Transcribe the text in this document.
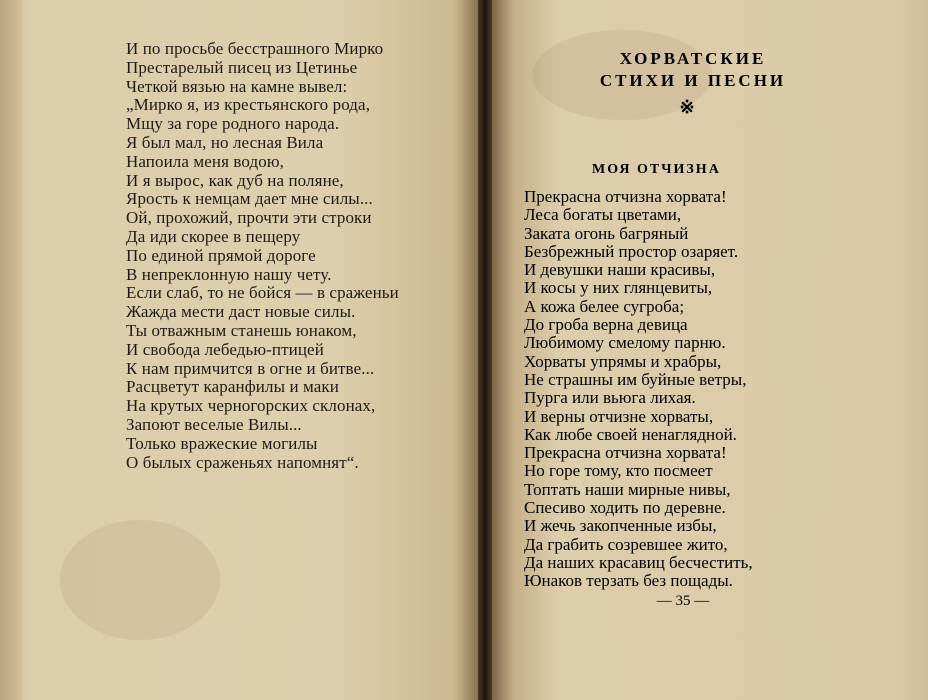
И по просьбе бесстрашного Мирко
Престарелый писец из Цетинье
Четкой вязью на камне вывел:
„Мирко я, из крестьянского рода,
Мщу за горе родного народа.
Я был мал, но лесная Вила
Напоила меня водою,
И я вырос, как дуб на поляне,
Ярость к немцам дает мне силы...
Ой, прохожий, прочти эти строки
Да иди скорее в пещеру
По единой прямой дороге
В непреклонную нашу чету.
Если слаб, то не бойся — в сраженьи
Жажда мести даст новые силы.
Ты отважным станешь юнаком,
И свобода лебедью-птицей
К нам примчится в огне и битве...
Расцветут каранфилы и маки
На крутых черногорских склонах,
Запоют веселые Вилы...
Только вражеские могилы
О былых сраженьях напомнят“.
ХОРВАТСКИЕ
СТИХИ И ПЕСНИ
※
МОЯ ОТЧИЗНА
Прекрасна отчизна хорвата!
Леса богаты цветами,
Заката огонь багряный
Безбрежный простор озаряет.
И девушки наши красивы,
И косы у них глянцевиты,
А кожа белее сугроба;
До гроба верна девица
Любимому смелому парню.
Хорваты упрямы и храбры,
Не страшны им буйные ветры,
Пурга или вьюга лихая.
И верны отчизне хорваты,
Как любе своей ненаглядной.
Прекрасна отчизна хорвата!
Но горе тому, кто посмеет
Топтать наши мирные нивы,
Спесиво ходить по деревне.
И жечь закопченные избы,
Да грабить созревшее жито,
Да наших красавиц бесчестить,
Юнаков терзать без пощады.
— 35 —
